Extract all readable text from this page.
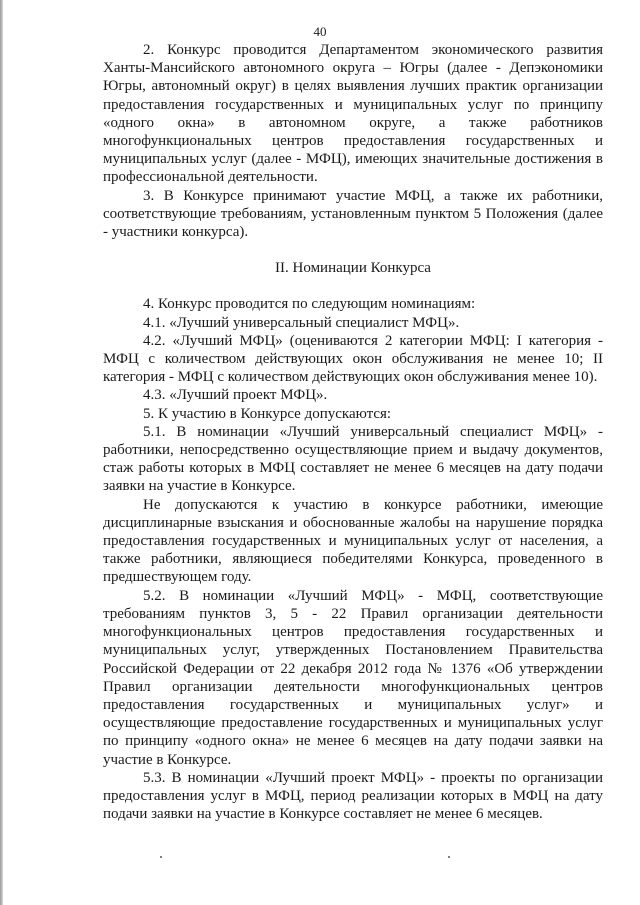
40

2. Конкурс проводится Департаментом экономического развития Ханты-Мансийского автономного округа – Югры (далее - Депэкономики Югры, автономный округ) в целях выявления лучших практик организации предоставления государственных и муниципальных услуг по принципу «одного окна» в автономном округе, а также работников многофункциональных центров предоставления государственных и муниципальных услуг (далее - МФЦ), имеющих значительные достижения в профессиональной деятельности.

3. В Конкурсе принимают участие МФЦ, а также их работники, соответствующие требованиям, установленным пунктом 5 Положения (далее - участники конкурса).

II. Номинации Конкурса

4. Конкурс проводится по следующим номинациям:

4.1. «Лучший универсальный специалист МФЦ».

4.2. «Лучший МФЦ» (оцениваются 2 категории МФЦ: I категория - МФЦ с количеством действующих окон обслуживания не менее 10; II категория - МФЦ с количеством действующих окон обслуживания менее 10).

4.3. «Лучший проект МФЦ».

5. К участию в Конкурсе допускаются:

5.1. В номинации «Лучший универсальный специалист МФЦ» - работники, непосредственно осуществляющие прием и выдачу документов, стаж работы которых в МФЦ составляет не менее 6 месяцев на дату подачи заявки на участие в Конкурсе.

Не допускаются к участию в конкурсе работники, имеющие дисциплинарные взыскания и обоснованные жалобы на нарушение порядка предоставления государственных и муниципальных услуг от населения, а также работники, являющиеся победителями Конкурса, проведенного в предшествующем году.

5.2. В номинации «Лучший МФЦ» - МФЦ, соответствующие требованиям пунктов 3, 5 - 22 Правил организации деятельности многофункциональных центров предоставления государственных и муниципальных услуг, утвержденных Постановлением Правительства Российской Федерации от 22 декабря 2012 года № 1376 «Об утверждении Правил организации деятельности многофункциональных центров предоставления государственных и муниципальных услуг» и осуществляющие предоставление государственных и муниципальных услуг по принципу «одного окна» не менее 6 месяцев на дату подачи заявки на участие в Конкурсе.

5.3. В номинации «Лучший проект МФЦ» - проекты по организации предоставления услуг в МФЦ, период реализации которых в МФЦ на дату подачи заявки на участие в Конкурсе составляет не менее 6 месяцев.
